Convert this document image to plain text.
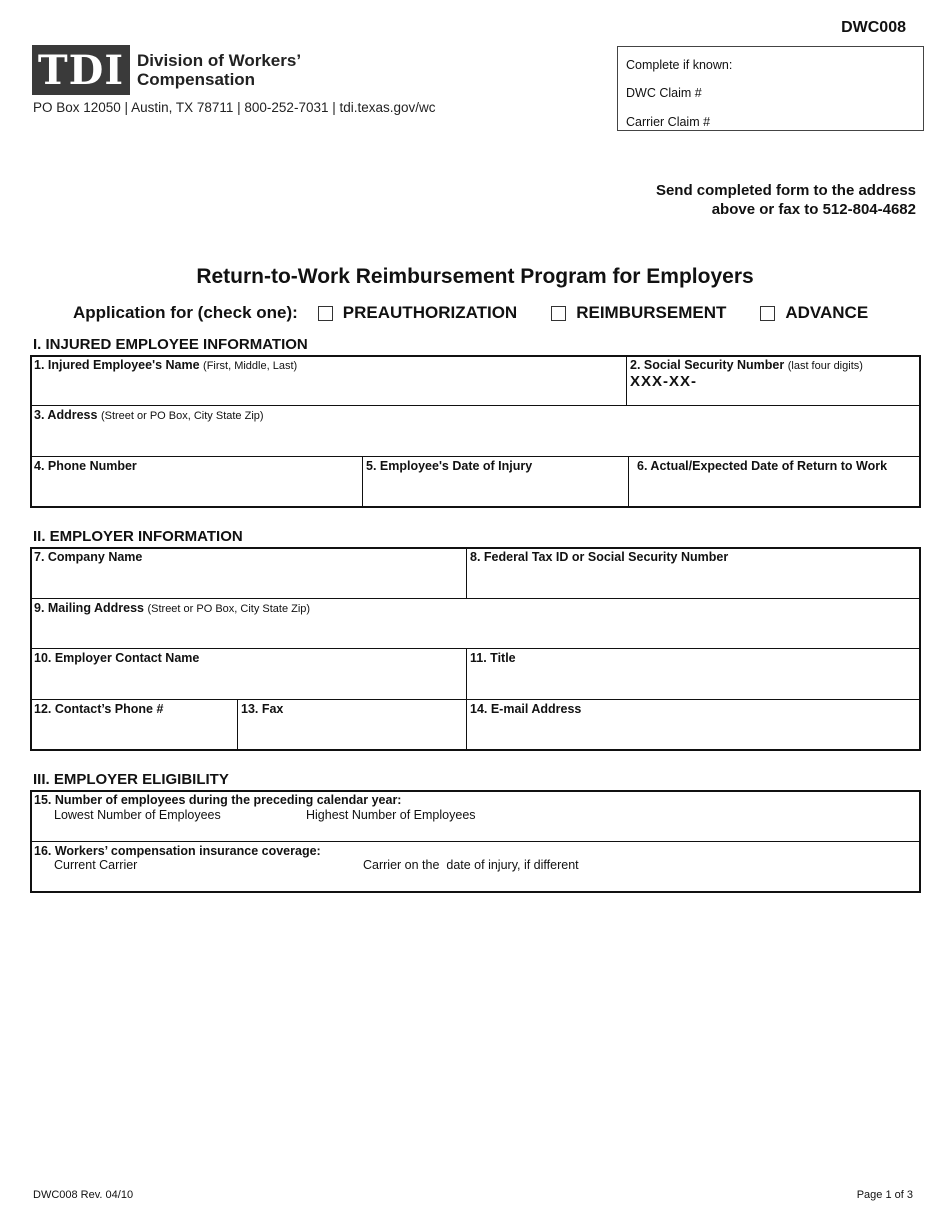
DWC008
TDI Division of Workers’ Compensation
PO Box 12050 | Austin, TX 78711 | 800-252-7031 | tdi.texas.gov/wc
Complete if known:
DWC Claim #
Carrier Claim #
Send completed form to the address
above or fax to 512-804-4682
Return-to-Work Reimbursement Program for Employers
Application for (check one):	PREAUTHORIZATION	REIMBURSEMENT	ADVANCE
I. INJURED EMPLOYEE INFORMATION
1. Injured Employee's Name (First, Middle, Last)	2. Social Security Number (last four digits)
XXX-XX-
3. Address (Street or PO Box, City State Zip)
4. Phone Number	5. Employee's Date of Injury	6. Actual/Expected Date of Return to Work
II. EMPLOYER INFORMATION
7. Company Name	8. Federal Tax ID or Social Security Number
9. Mailing Address (Street or PO Box, City State Zip)
10. Employer Contact Name	11. Title
12. Contact’s Phone #	13. Fax	14. E-mail Address
III. EMPLOYER ELIGIBILITY
15. Number of employees during the preceding calendar year:
Lowest Number of Employees	Highest Number of Employees
16. Workers’ compensation insurance coverage:
Current Carrier	Carrier on the  date of injury, if different
DWC008 Rev. 04/10	Page 1 of 3
